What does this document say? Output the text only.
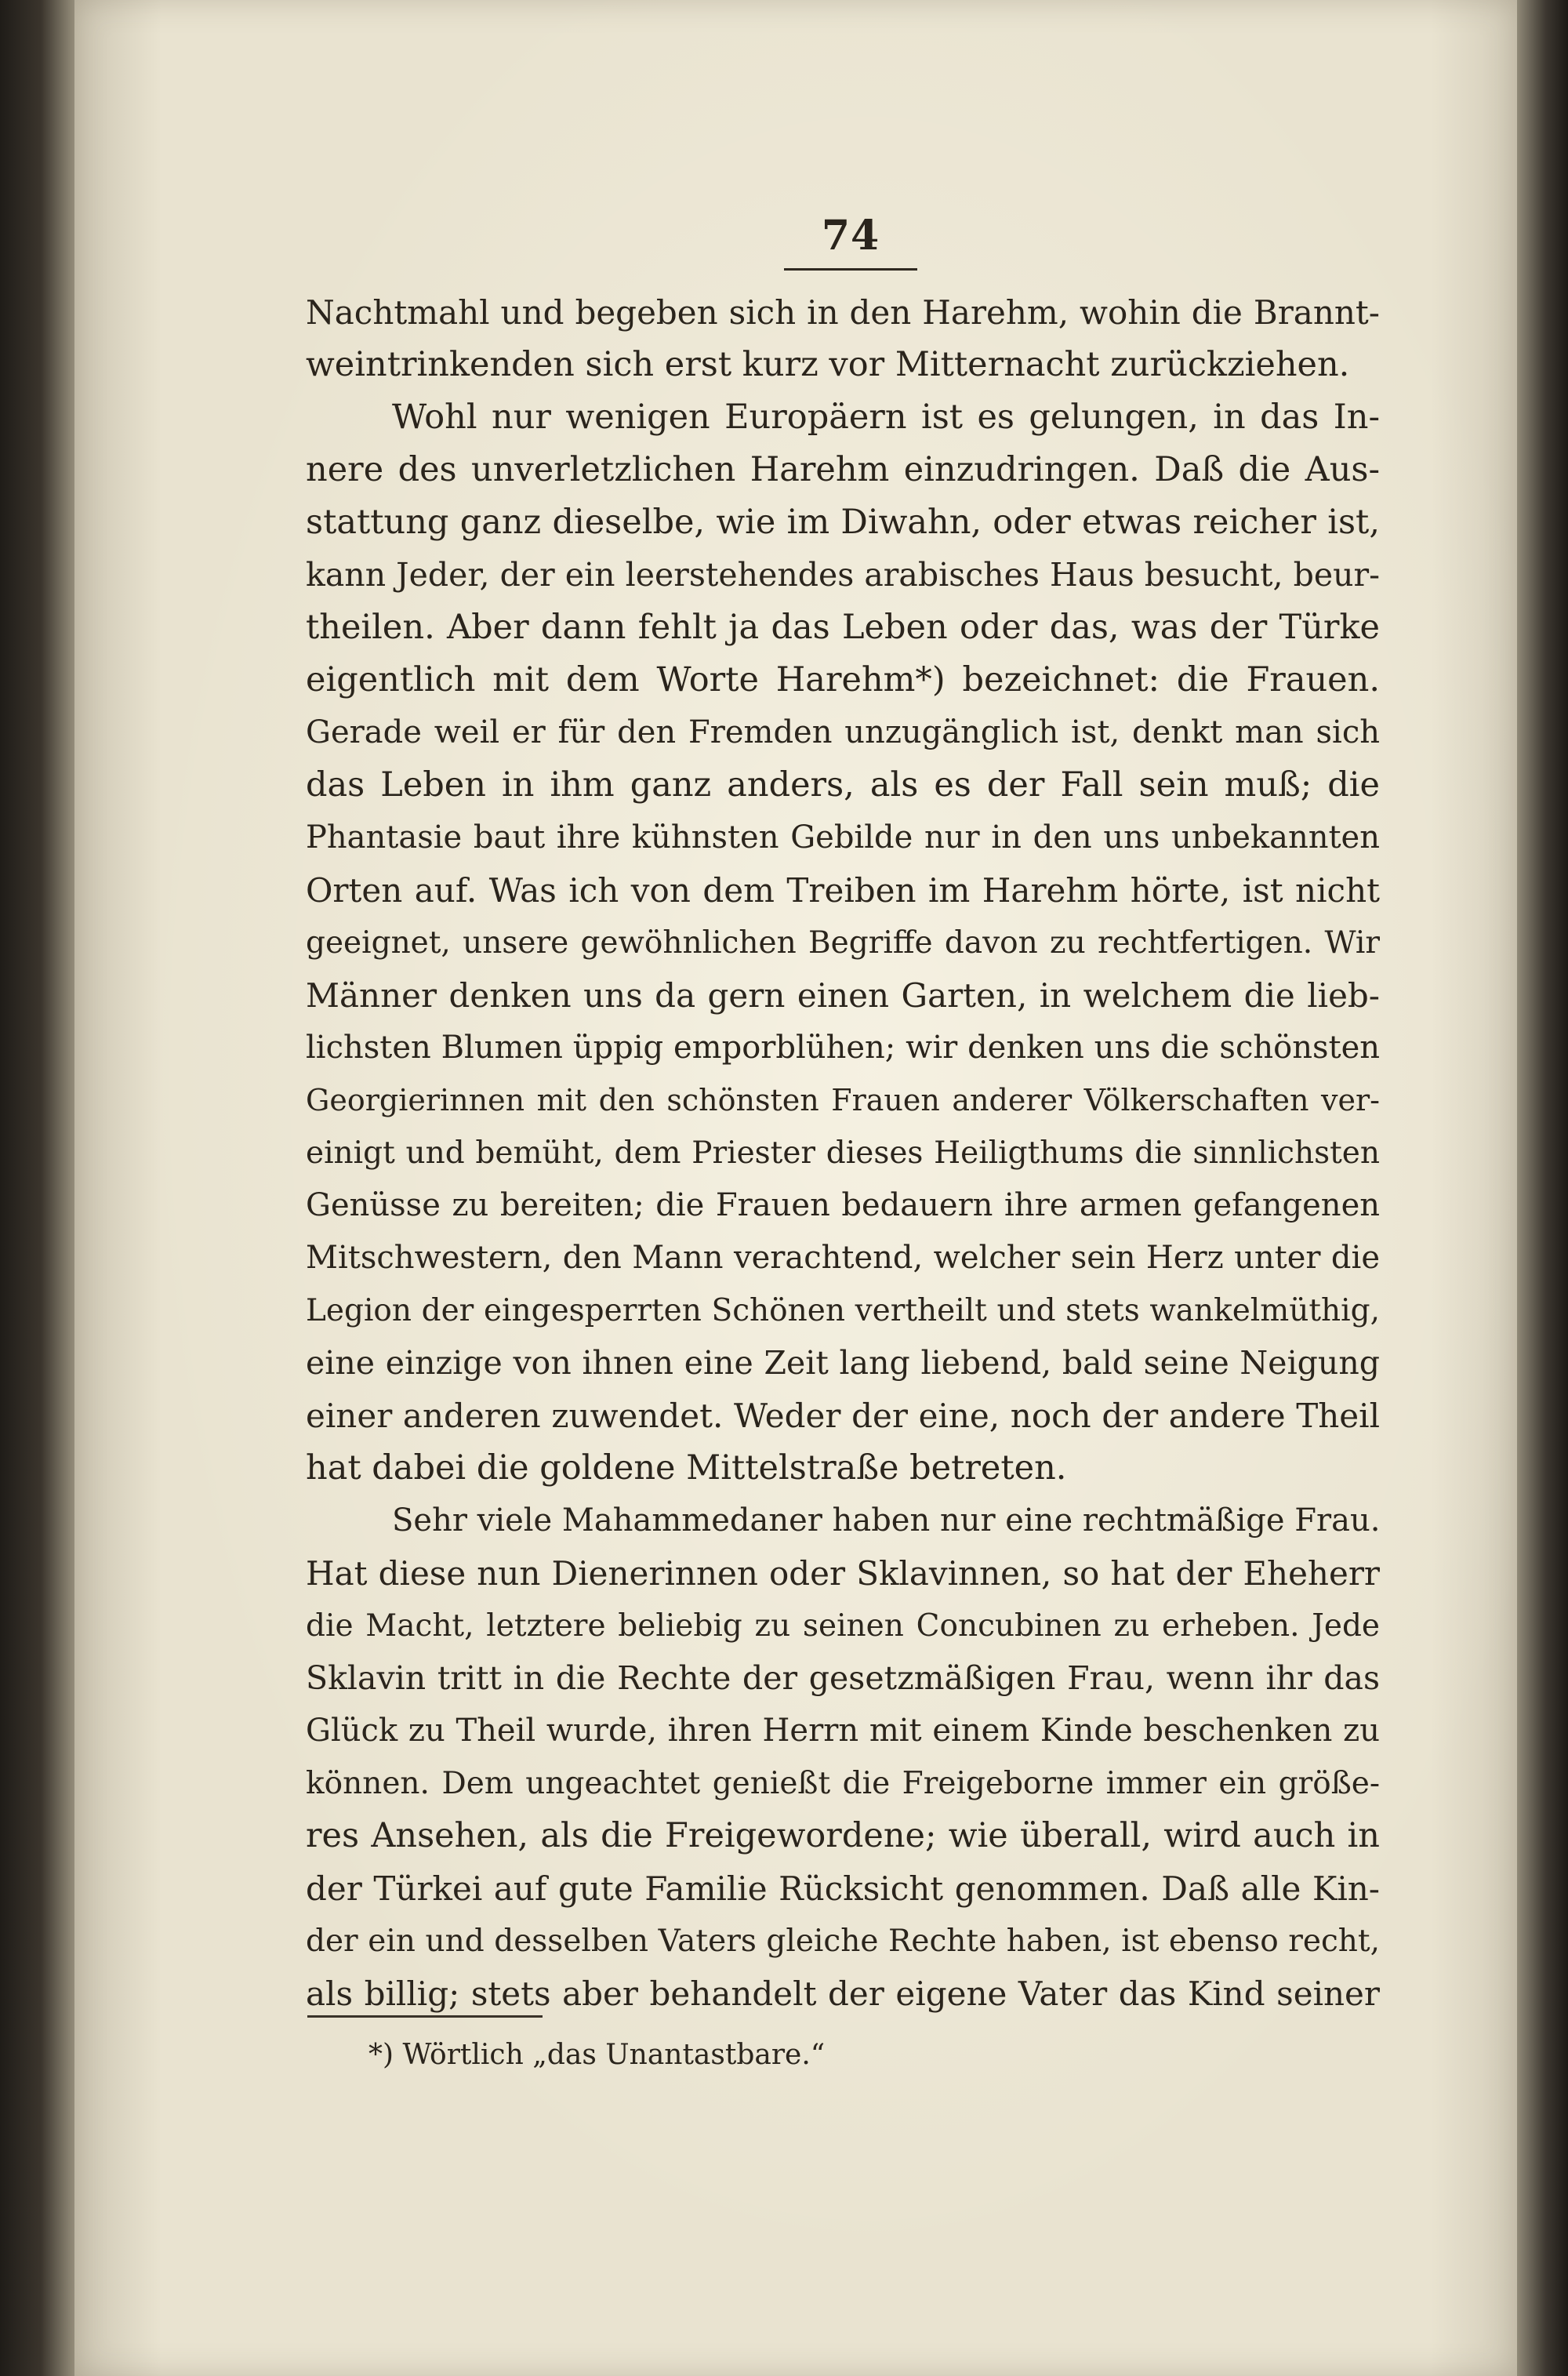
74
Nachtmahl und begeben sich in den Harehm, wohin die Brannt-
weintrinkenden sich erst kurz vor Mitternacht zurückziehen.
Wohl nur wenigen Europäern ist es gelungen, in das In-
nere des unverletzlichen Harehm einzudringen. Daß die Aus-
stattung ganz dieselbe, wie im Diwahn, oder etwas reicher ist,
kann Jeder, der ein leerstehendes arabisches Haus besucht, beur-
theilen. Aber dann fehlt ja das Leben oder das, was der Türke
eigentlich mit dem Worte Harehm*) bezeichnet: die Frauen.
Gerade weil er für den Fremden unzugänglich ist, denkt man sich
das Leben in ihm ganz anders, als es der Fall sein muß; die
Phantasie baut ihre kühnsten Gebilde nur in den uns unbekannten
Orten auf. Was ich von dem Treiben im Harehm hörte, ist nicht
geeignet, unsere gewöhnlichen Begriffe davon zu rechtfertigen. Wir
Männer denken uns da gern einen Garten, in welchem die lieb-
lichsten Blumen üppig emporblühen; wir denken uns die schönsten
Georgierinnen mit den schönsten Frauen anderer Völkerschaften ver-
einigt und bemüht, dem Priester dieses Heiligthums die sinnlichsten
Genüsse zu bereiten; die Frauen bedauern ihre armen gefangenen
Mitschwestern, den Mann verachtend, welcher sein Herz unter die
Legion der eingesperrten Schönen vertheilt und stets wankelmüthig,
eine einzige von ihnen eine Zeit lang liebend, bald seine Neigung
einer anderen zuwendet. Weder der eine, noch der andere Theil
hat dabei die goldene Mittelstraße betreten.
Sehr viele Mahammedaner haben nur eine rechtmäßige Frau.
Hat diese nun Dienerinnen oder Sklavinnen, so hat der Eheherr
die Macht, letztere beliebig zu seinen Concubinen zu erheben. Jede
Sklavin tritt in die Rechte der gesetzmäßigen Frau, wenn ihr das
Glück zu Theil wurde, ihren Herrn mit einem Kinde beschenken zu
können. Dem ungeachtet genießt die Freigeborne immer ein größe-
res Ansehen, als die Freigewordene; wie überall, wird auch in
der Türkei auf gute Familie Rücksicht genommen. Daß alle Kin-
der ein und desselben Vaters gleiche Rechte haben, ist ebenso recht,
als billig; stets aber behandelt der eigene Vater das Kind seiner
*) Wörtlich „das Unantastbare.“
